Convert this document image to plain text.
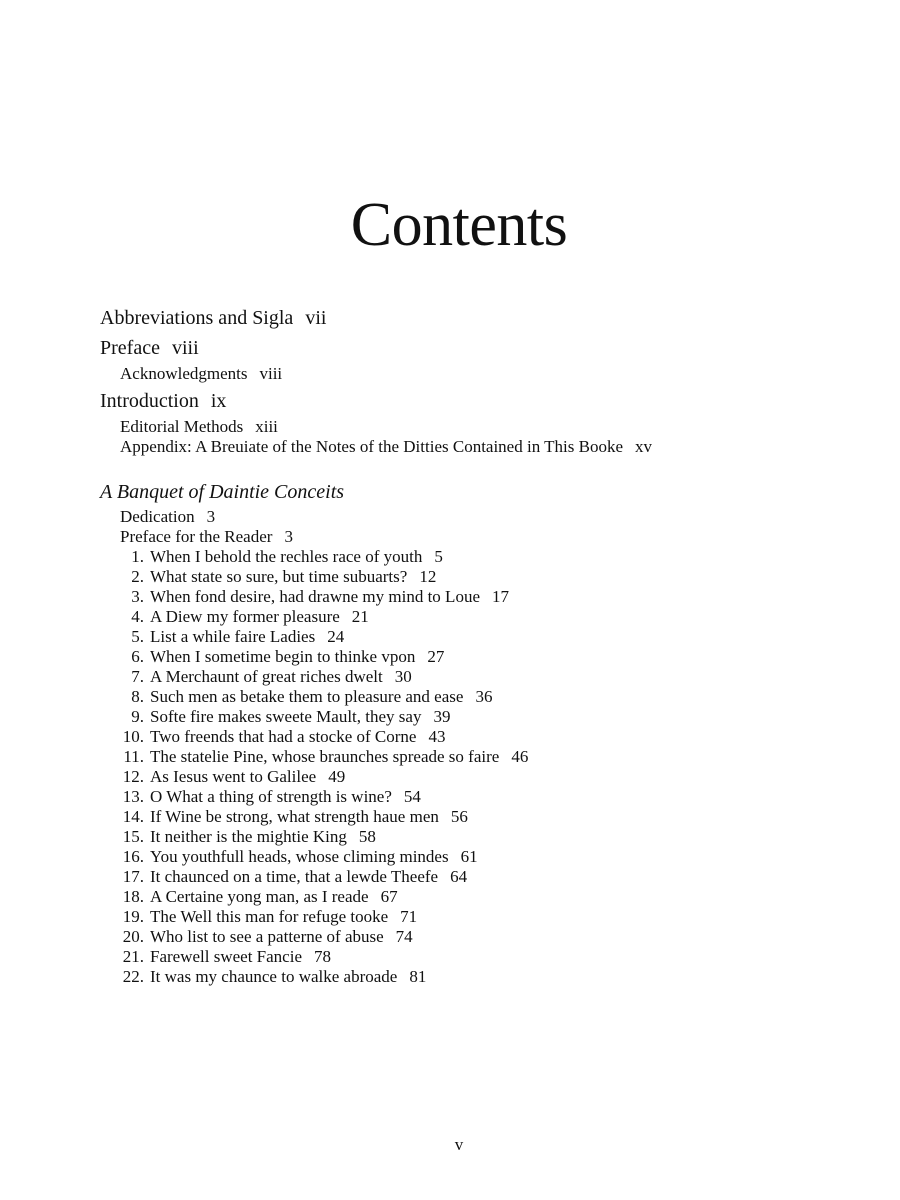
Contents
Abbreviations and Sigla vii
Preface viii
Acknowledgments viii
Introduction ix
Editorial Methods xiii
Appendix: A Breuiate of the Notes of the Ditties Contained in This Booke xv
A Banquet of Daintie Conceits
Dedication 3
Preface for the Reader 3
1. When I behold the rechles race of youth 5
2. What state so sure, but time subuarts? 12
3. When fond desire, had drawne my mind to Loue 17
4. A Diew my former pleasure 21
5. List a while faire Ladies 24
6. When I sometime begin to thinke vpon 27
7. A Merchaunt of great riches dwelt 30
8. Such men as betake them to pleasure and ease 36
9. Softe fire makes sweete Mault, they say 39
10. Two freends that had a stocke of Corne 43
11. The statelie Pine, whose braunches spreade so faire 46
12. As Iesus went to Galilee 49
13. O What a thing of strength is wine? 54
14. If Wine be strong, what strength haue men 56
15. It neither is the mightie King 58
16. You youthfull heads, whose climing mindes 61
17. It chaunced on a time, that a lewde Theefe 64
18. A Certaine yong man, as I reade 67
19. The Well this man for refuge tooke 71
20. Who list to see a patterne of abuse 74
21. Farewell sweet Fancie 78
22. It was my chaunce to walke abroade 81
v
